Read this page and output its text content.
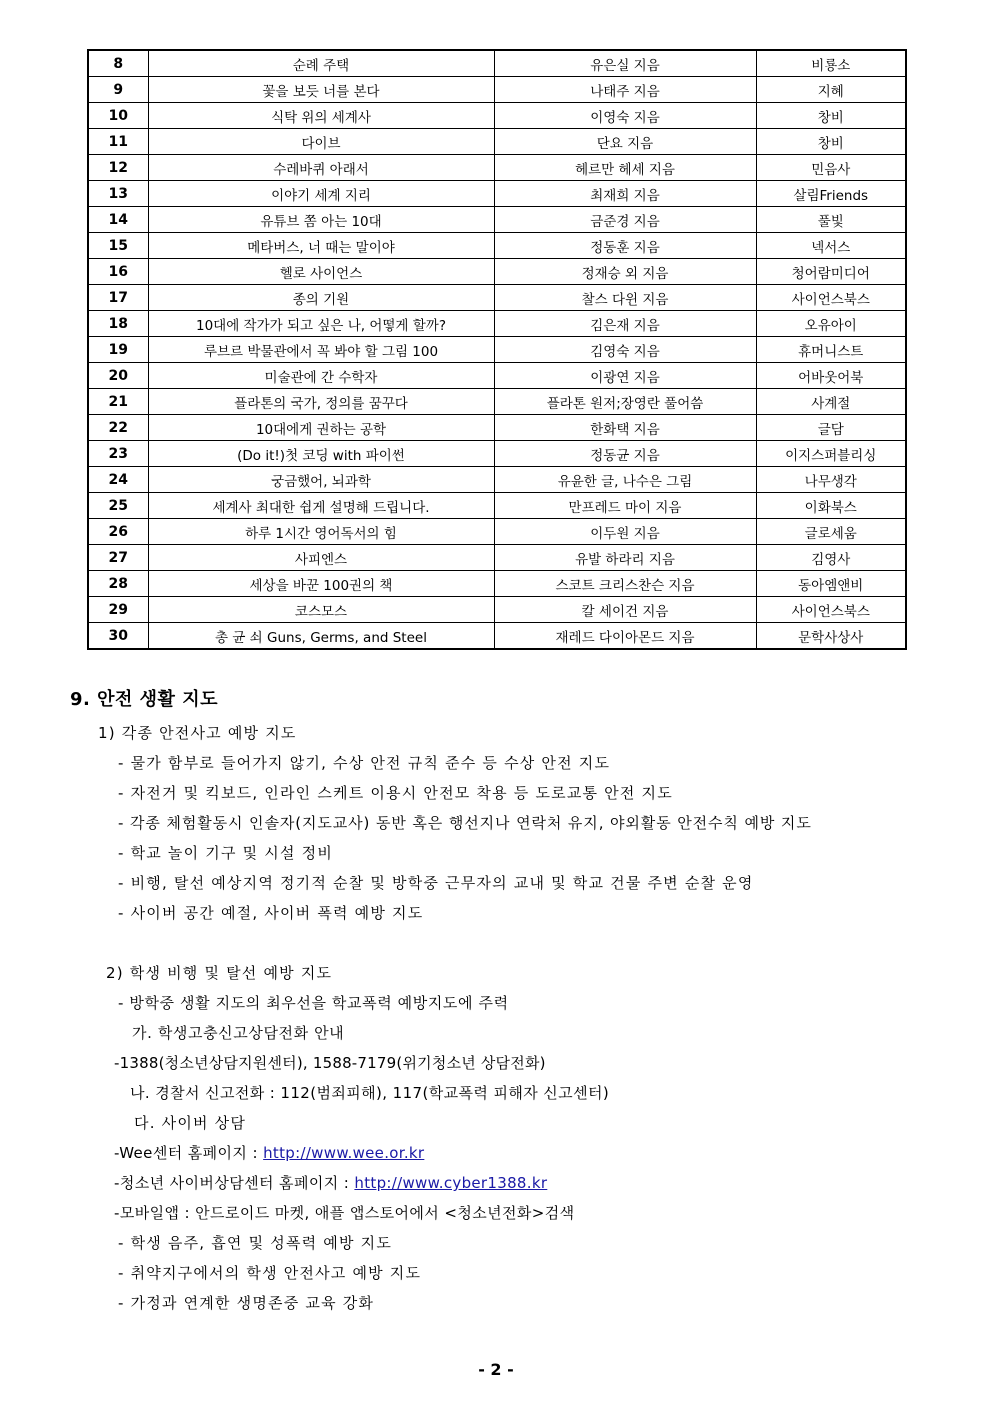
8	순례 주택	유은실 지음	비룡소
9	꽃을 보듯 너를 본다	나태주 지음	지혜
10	식탁 위의 세계사	이영숙 지음	창비
11	다이브	단요 지음	창비
12	수레바퀴 아래서	헤르만 헤세 지음	민음사
13	이야기 세계 지리	최재희 지음	살림Friends
14	유튜브 쫌 아는 10대	금준경 지음	풀빛
15	메타버스, 너 때는 말이야	정동훈 지음	넥서스
16	헬로 사이언스	정재승 외 지음	청어람미디어
17	종의 기원	찰스 다윈 지음	사이언스북스
18	10대에 작가가 되고 싶은 나, 어떻게 할까?	김은재 지음	오유아이
19	루브르 박물관에서 꼭 봐야 할 그림 100	김영숙 지음	휴머니스트
20	미술관에 간 수학자	이광연 지음	어바웃어북
21	플라톤의 국가, 정의를 꿈꾸다	플라톤 원저;장영란 풀어씀	사계절
22	10대에게 권하는 공학	한화택 지음	글담
23	(Do it!)첫 코딩 with 파이썬	정동균 지음	이지스퍼블리싱
24	궁금했어, 뇌과학	유윤한 글, 나수은 그림	나무생각
25	세계사 최대한 쉽게 설명해 드립니다.	만프레드 마이 지음	이화북스
26	하루 1시간 영어독서의 힘	이두원 지음	글로세움
27	사피엔스	유발 하라리 지음	김영사
28	세상을 바꾼 100권의 책	스코트 크리스찬슨 지음	동아엠앤비
29	코스모스	칼 세이건 지음	사이언스북스
30	총 균 쇠 Guns, Germs, and Steel	재레드 다이아몬드 지음	문학사상사
9. 안전 생활 지도
1) 각종 안전사고 예방 지도
- 물가 함부로 들어가지 않기, 수상 안전 규칙 준수 등 수상 안전 지도
- 자전거 및 킥보드, 인라인 스케트 이용시 안전모 착용 등 도로교통 안전 지도
- 각종 체험활동시 인솔자(지도교사) 동반 혹은 행선지나 연락처 유지, 야외활동 안전수칙 예방 지도
- 학교 놀이 기구 및 시설 정비
- 비행, 탈선 예상지역 정기적 순찰 및 방학중 근무자의 교내 및 학교 건물 주변 순찰 운영
- 사이버 공간 예절, 사이버 폭력 예방 지도
2) 학생 비행 및 탈선 예방 지도
- 방학중 생활 지도의 최우선을 학교폭력 예방지도에 주력
가. 학생고충신고상담전화 안내
-1388(청소년상담지원센터), 1588-7179(위기청소년 상담전화)
나. 경찰서 신고전화 : 112(범죄피해), 117(학교폭력 피해자 신고센터)
다. 사이버 상담
-Wee센터 홈페이지 : http://www.wee.or.kr
-청소년 사이버상담센터 홈페이지 : http://www.cyber1388.kr
-모바일앱 : 안드로이드 마켓, 애플 앱스토어에서 <청소년전화>검색
- 학생 음주, 흡연 및 성폭력 예방 지도
- 취약지구에서의 학생 안전사고 예방 지도
- 가정과 연계한 생명존중 교육 강화
- 2 -
